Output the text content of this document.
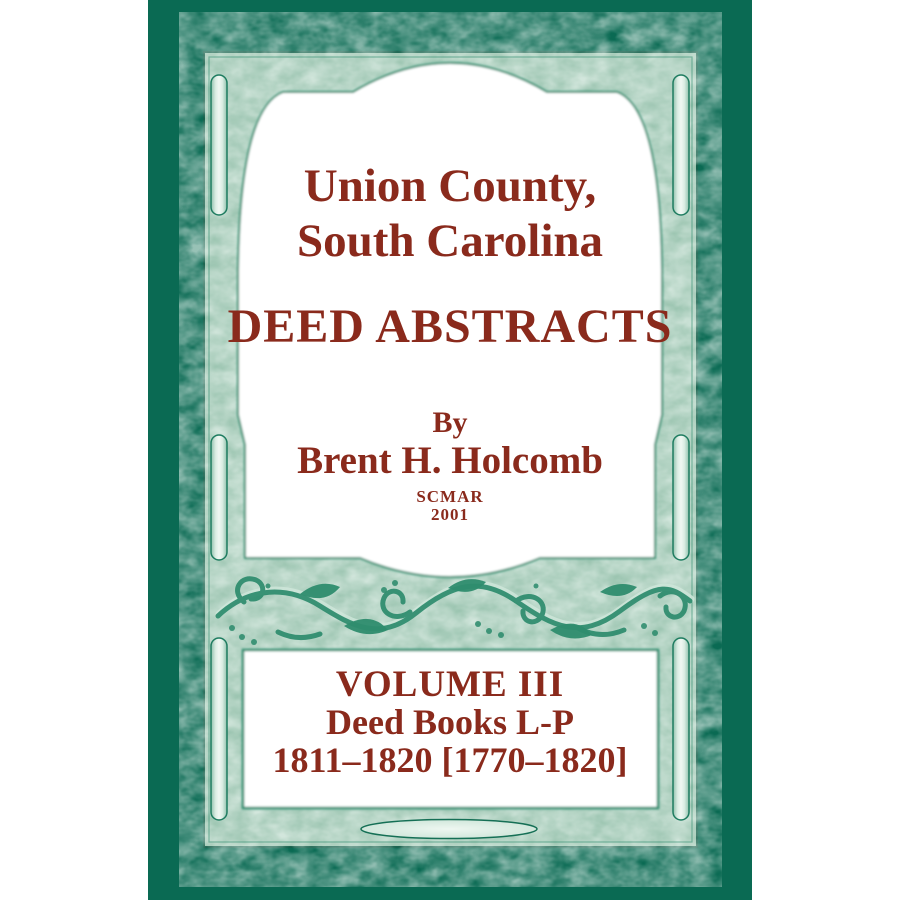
Union County,
South Carolina
DEED ABSTRACTS
By
Brent H. Holcomb
SCMAR
2001
VOLUME III
Deed Books L-P
1811–1820 [1770–1820]
